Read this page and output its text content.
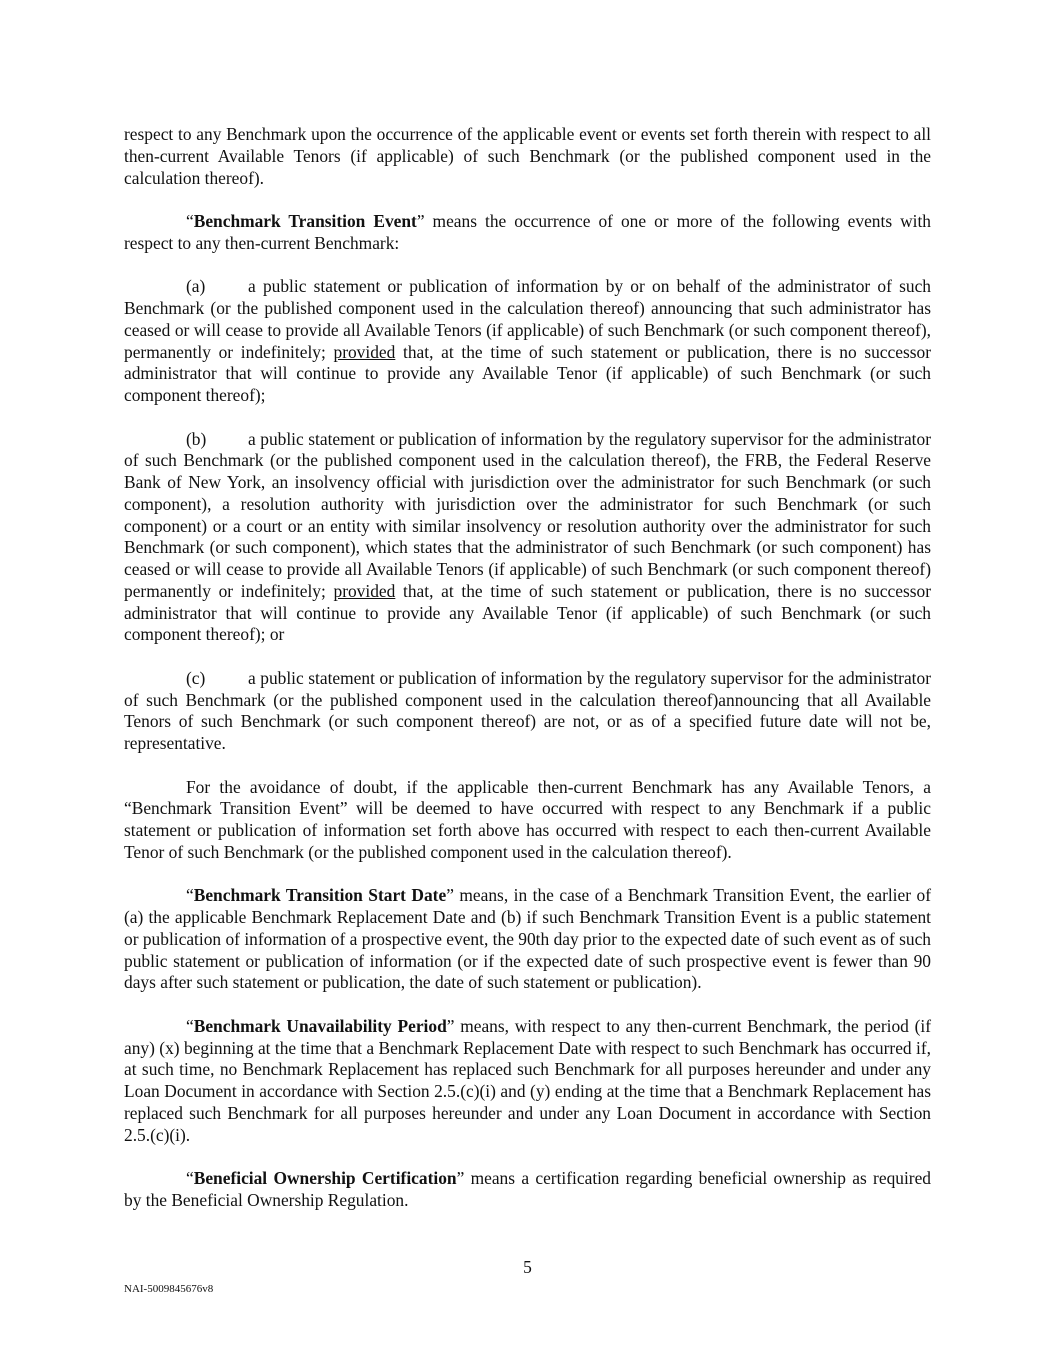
respect to any Benchmark upon the occurrence of the applicable event or events set forth therein with respect to all then-current Available Tenors (if applicable) of such Benchmark (or the published component used in the calculation thereof).

“Benchmark Transition Event” means the occurrence of one or more of the following events with respect to any then-current Benchmark:

(a) a public statement or publication of information by or on behalf of the administrator of such Benchmark (or the published component used in the calculation thereof) announcing that such administrator has ceased or will cease to provide all Available Tenors (if applicable) of such Benchmark (or such component thereof), permanently or indefinitely; provided that, at the time of such statement or publication, there is no successor administrator that will continue to provide any Available Tenor (if applicable) of such Benchmark (or such component thereof);

(b) a public statement or publication of information by the regulatory supervisor for the administrator of such Benchmark (or the published component used in the calculation thereof), the FRB, the Federal Reserve Bank of New York, an insolvency official with jurisdiction over the administrator for such Benchmark (or such component), a resolution authority with jurisdiction over the administrator for such Benchmark (or such component) or a court or an entity with similar insolvency or resolution authority over the administrator for such Benchmark (or such component), which states that the administrator of such Benchmark (or such component) has ceased or will cease to provide all Available Tenors (if applicable) of such Benchmark (or such component thereof) permanently or indefinitely; provided that, at the time of such statement or publication, there is no successor administrator that will continue to provide any Available Tenor (if applicable) of such Benchmark (or such component thereof); or

(c) a public statement or publication of information by the regulatory supervisor for the administrator of such Benchmark (or the published component used in the calculation thereof)announcing that all Available Tenors of such Benchmark (or such component thereof) are not, or as of a specified future date will not be, representative.

For the avoidance of doubt, if the applicable then-current Benchmark has any Available Tenors, a “Benchmark Transition Event” will be deemed to have occurred with respect to any Benchmark if a public statement or publication of information set forth above has occurred with respect to each then-current Available Tenor of such Benchmark (or the published component used in the calculation thereof).

“Benchmark Transition Start Date” means, in the case of a Benchmark Transition Event, the earlier of (a) the applicable Benchmark Replacement Date and (b) if such Benchmark Transition Event is a public statement or publication of information of a prospective event, the 90th day prior to the expected date of such event as of such public statement or publication of information (or if the expected date of such prospective event is fewer than 90 days after such statement or publication, the date of such statement or publication).

“Benchmark Unavailability Period” means, with respect to any then-current Benchmark, the period (if any) (x) beginning at the time that a Benchmark Replacement Date with respect to such Benchmark has occurred if, at such time, no Benchmark Replacement has replaced such Benchmark for all purposes hereunder and under any Loan Document in accordance with Section 2.5.(c)(i) and (y) ending at the time that a Benchmark Replacement has replaced such Benchmark for all purposes hereunder and under any Loan Document in accordance with Section 2.5.(c)(i).

“Beneficial Ownership Certification” means a certification regarding beneficial ownership as required by the Beneficial Ownership Regulation.

5
NAI-5009845676v8
